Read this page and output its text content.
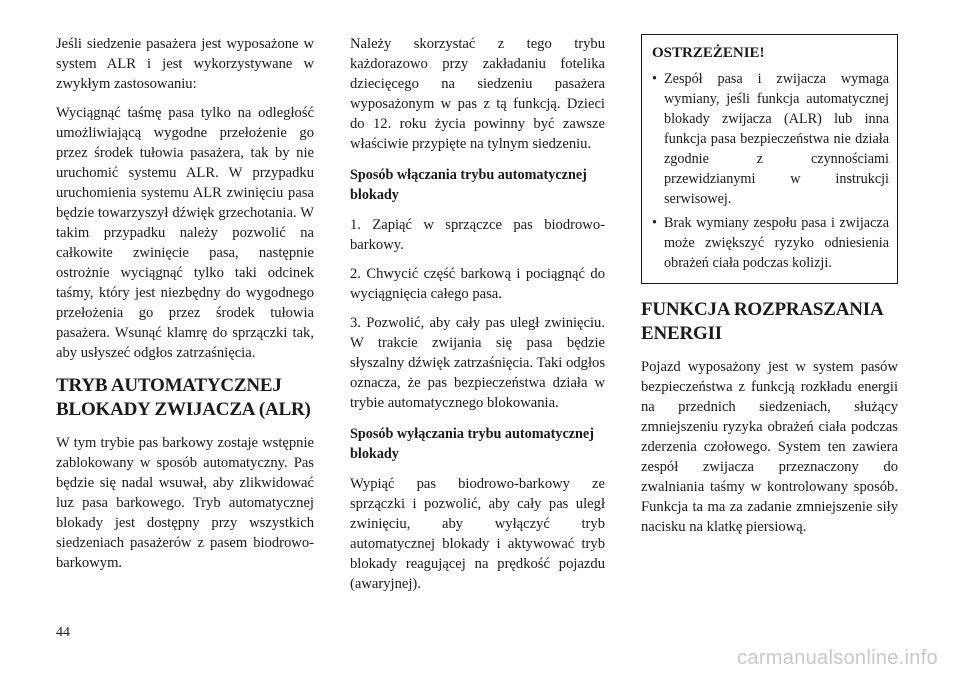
Jeśli siedzenie pasażera jest wyposażone w system ALR i jest wykorzystywane w zwykłym zastosowaniu:

Wyciągnąć taśmę pasa tylko na odległość umożliwiającą wygodne przełożenie go przez środek tułowia pasażera, tak by nie uruchomić systemu ALR. W przypadku uruchomienia systemu ALR zwinięciu pasa będzie towarzyszył dźwięk grzechotania. W takim przypadku należy pozwolić na całkowite zwinięcie pasa, następnie ostrożnie wyciągnąć tylko taki odcinek taśmy, który jest niezbędny do wygodnego przełożenia go przez środek tułowia pasażera. Wsunąć klamrę do sprzączki tak, aby usłyszeć odgłos zatrzaśnięcia.

TRYB AUTOMATYCZNEJ BLOKADY ZWIJACZA (ALR)

W tym trybie pas barkowy zostaje wstępnie zablokowany w sposób automatyczny. Pas będzie się nadal wsuwał, aby zlikwidować luz pasa barkowego. Tryb automatycznej blokady jest dostępny przy wszystkich siedzeniach pasażerów z pasem biodrowo-barkowym.

Należy skorzystać z tego trybu każdorazowo przy zakładaniu fotelika dziecięcego na siedzeniu pasażera wyposażonym w pas z tą funkcją. Dzieci do 12. roku życia powinny być zawsze właściwie przypięte na tylnym siedzeniu.

Sposób włączania trybu automatycznej blokady

1. Zapiąć w sprzączce pas biodrowo-barkowy.

2. Chwycić część barkową i pociągnąć do wyciągnięcia całego pasa.

3. Pozwolić, aby cały pas uległ zwinięciu. W trakcie zwijania się pasa będzie słyszalny dźwięk zatrzaśnięcia. Taki odgłos oznacza, że pas bezpieczeństwa działa w trybie automatycznego blokowania.

Sposób wyłączania trybu automatycznej blokady

Wypiąć pas biodrowo-barkowy ze sprzączki i pozwolić, aby cały pas uległ zwinięciu, aby wyłączyć tryb automatycznej blokady i aktywować tryb blokady reagującej na prędkość pojazdu (awaryjnej).

OSTRZEŻENIE!
• Zespół pasa i zwijacza wymaga wymiany, jeśli funkcja automatycznej blokady zwijacza (ALR) lub inna funkcja pasa bezpieczeństwa nie działa zgodnie z czynnościami przewidzianymi w instrukcji serwisowej.
• Brak wymiany zespołu pasa i zwijacza może zwiększyć ryzyko odniesienia obrażeń ciała podczas kolizji.
FUNKCJA ROZPRASZANIA ENERGII

Pojazd wyposażony jest w system pasów bezpieczeństwa z funkcją rozkładu energii na przednich siedzeniach, służący zmniejszeniu ryzyka obrażeń ciała podczas zderzenia czołowego. System ten zawiera zespół zwijacza przeznaczony do zwalniania taśmy w kontrolowany sposób. Funkcja ta ma za zadanie zmniejszenie siły nacisku na klatkę piersiową.

44
carmanualsonline.info
